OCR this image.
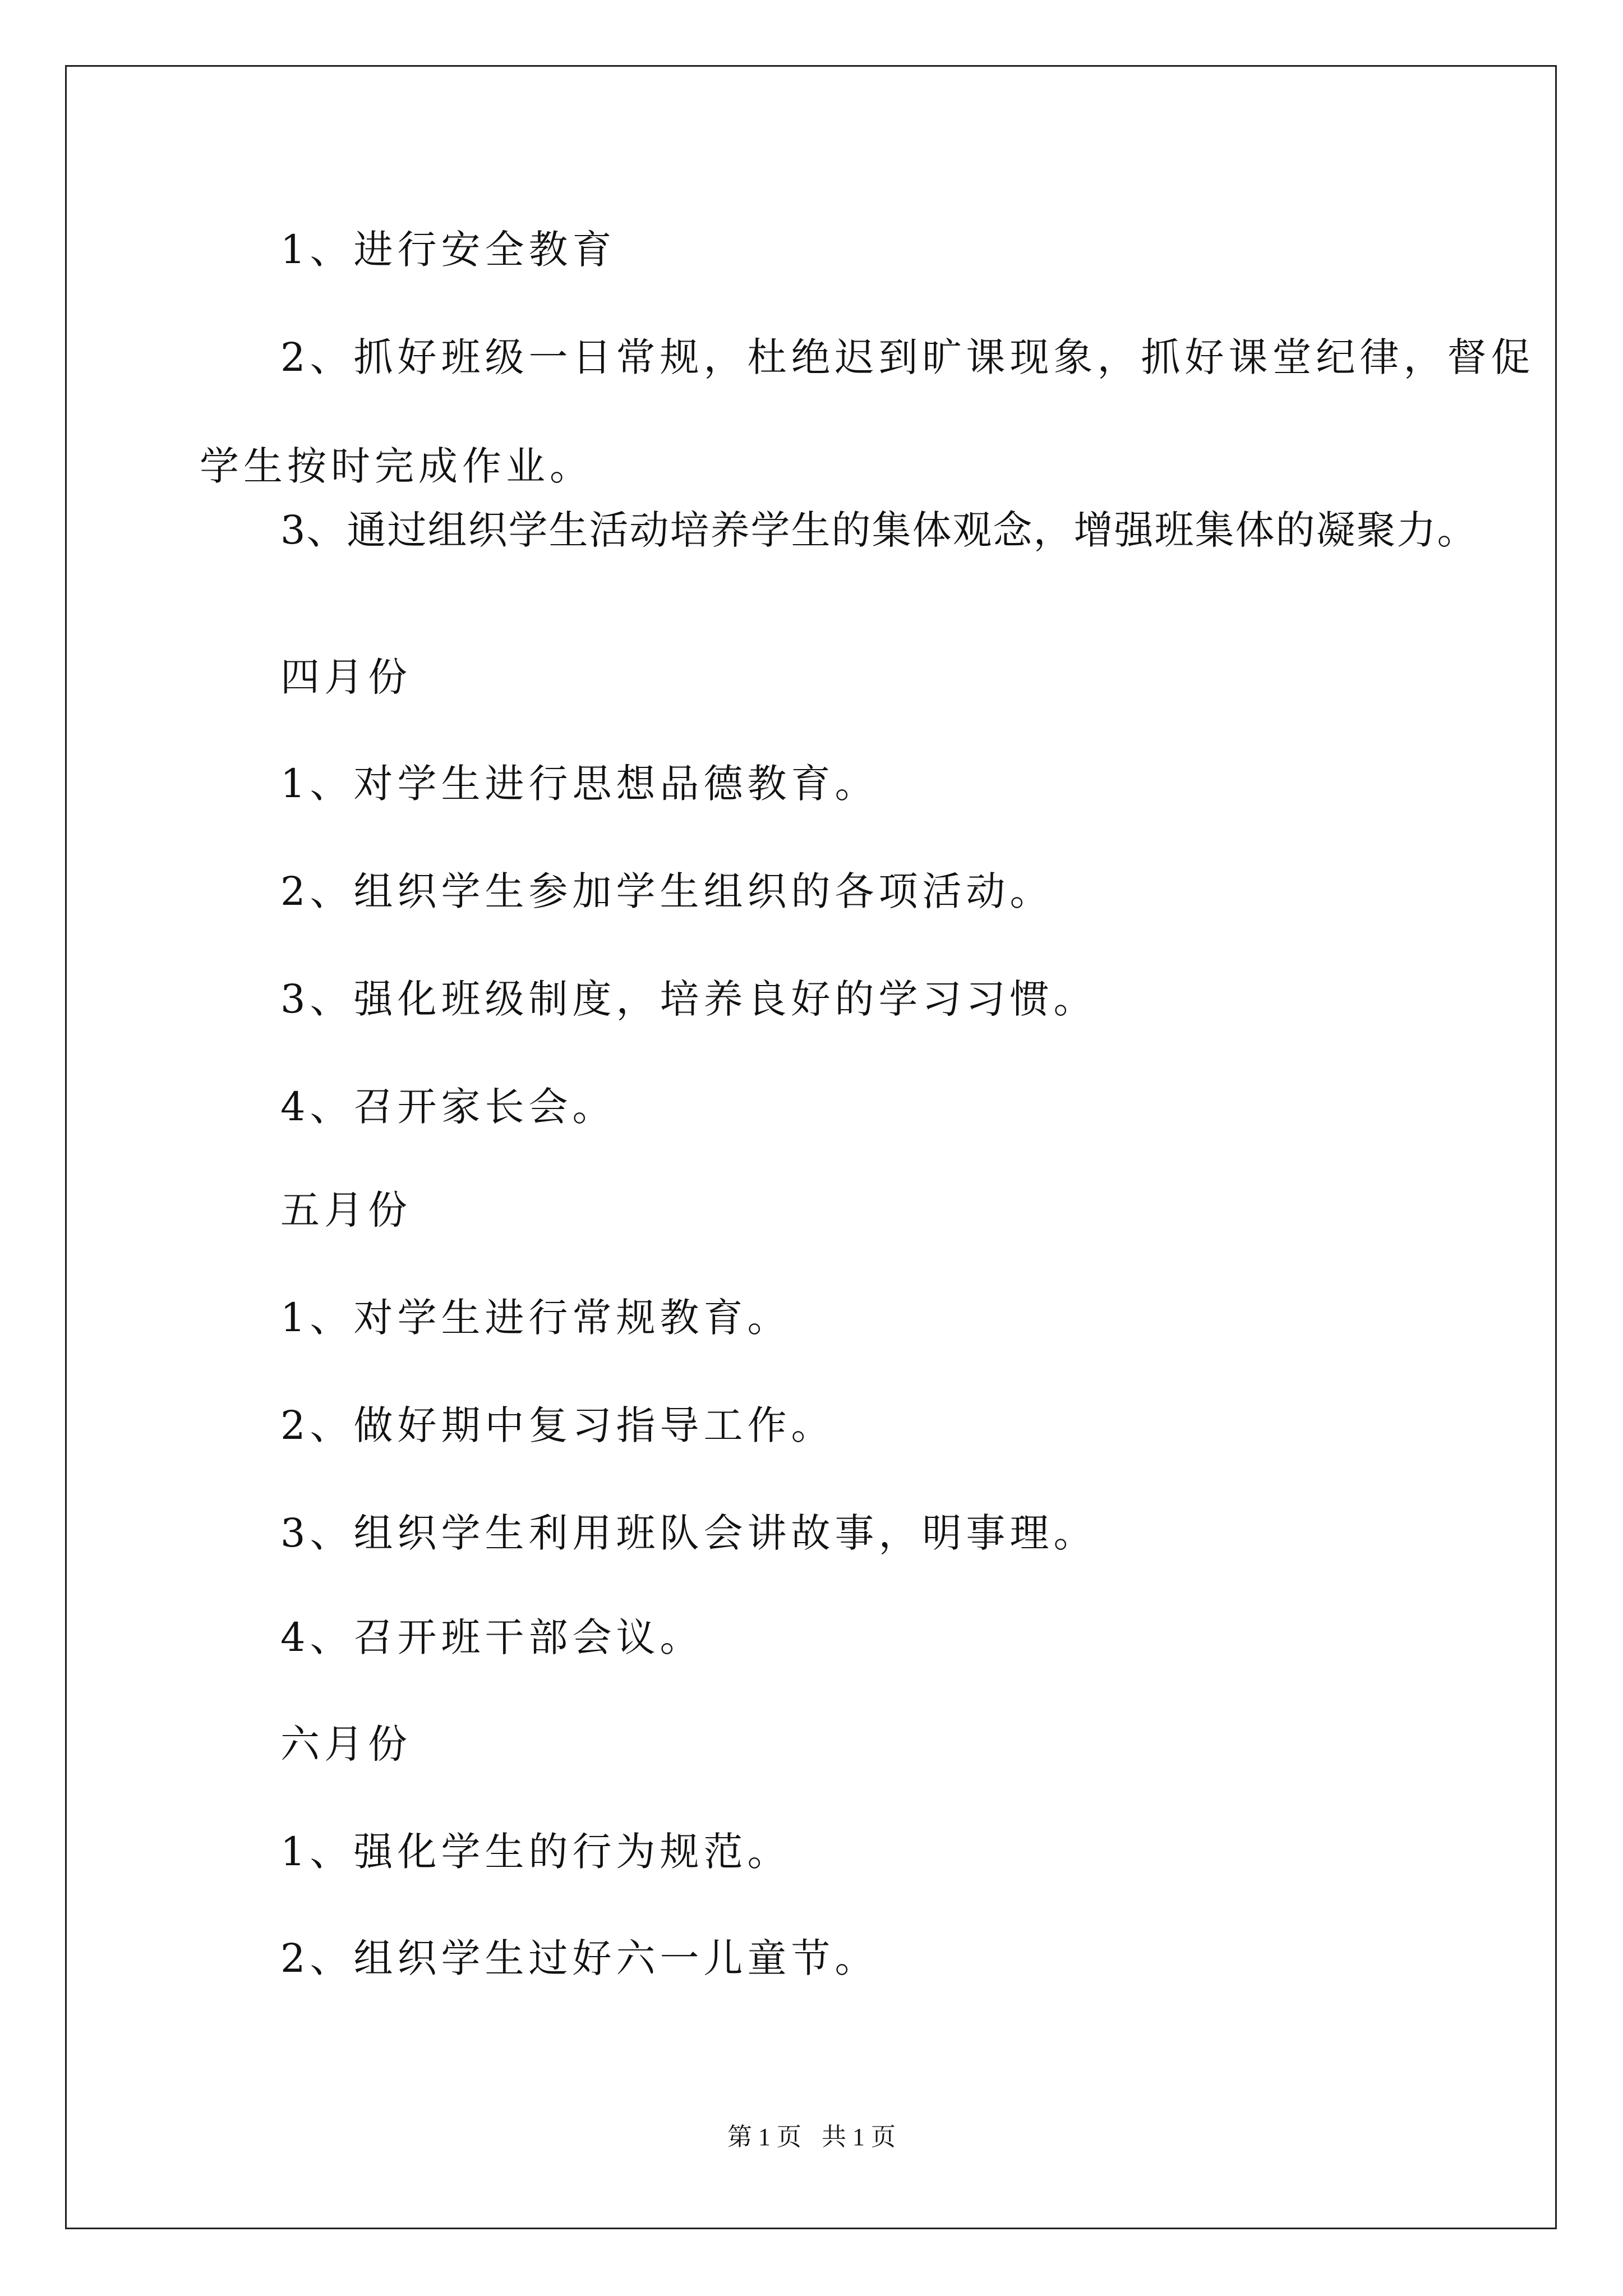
1、进行安全教育
2、抓好班级一日常规，杜绝迟到旷课现象，抓好课堂纪律，督促
学生按时完成作业。
3、通过组织学生活动培养学生的集体观念，增强班集体的凝聚力。
四月份
1、对学生进行思想品德教育。
2、组织学生参加学生组织的各项活动。
3、强化班级制度，培养良好的学习习惯。
4、召开家长会。
五月份
1、对学生进行常规教育。
2、做好期中复习指导工作。
3、组织学生利用班队会讲故事，明事理。
4、召开班干部会议。
六月份
1、强化学生的行为规范。
2、组织学生过好六一儿童节。
第 1 页 共 1 页
